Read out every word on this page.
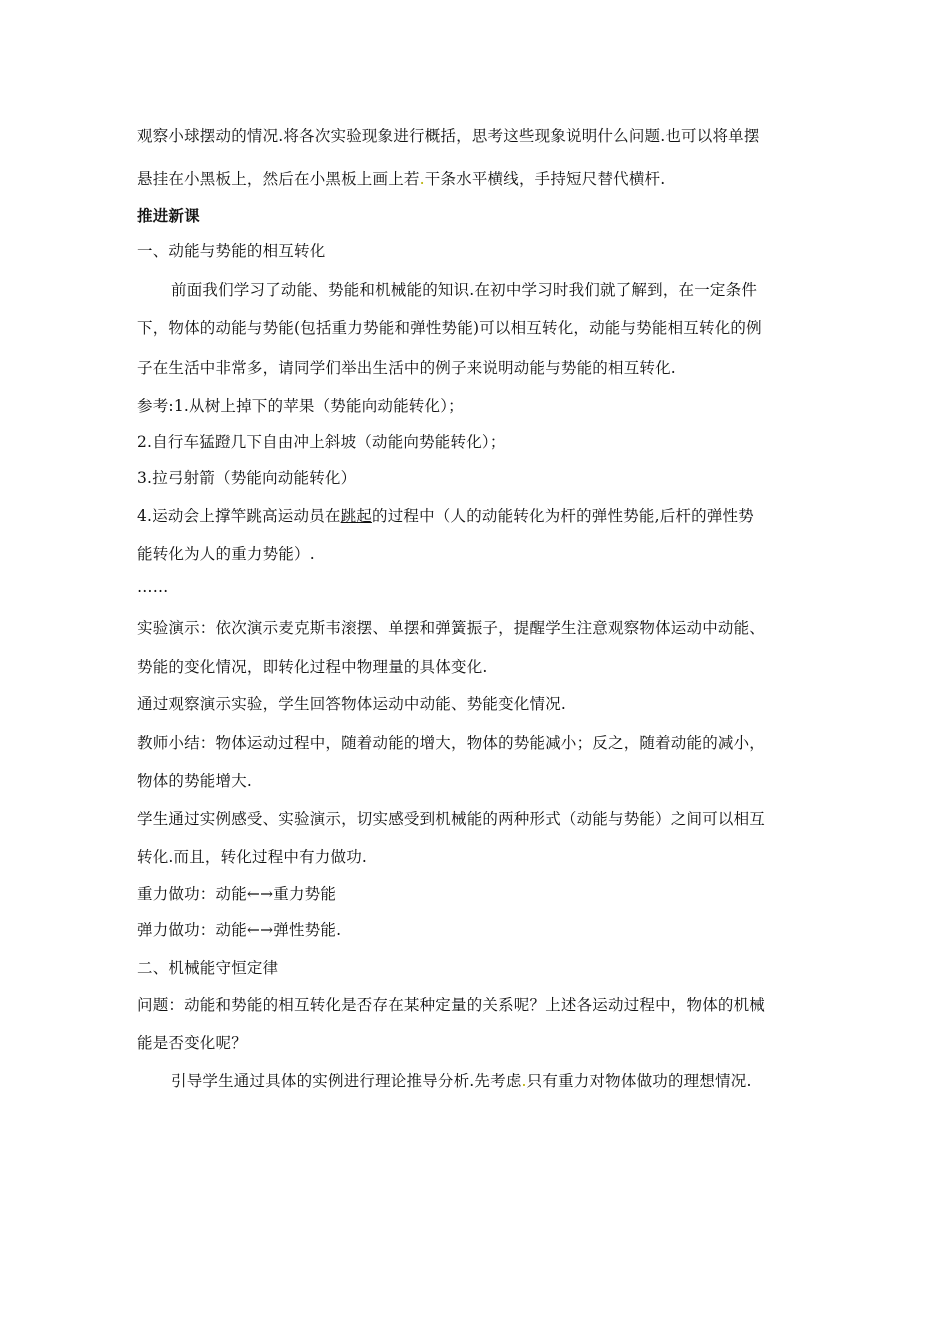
观察小球摆动的情况.将各次实验现象进行概括，思考这些现象说明什么问题.也可以将单摆
悬挂在小黑板上，然后在小黑板上画上若.干条水平横线，手持短尺替代横杆.
推进新课
一、动能与势能的相互转化
前面我们学习了动能、势能和机械能的知识.在初中学习时我们就了解到，在一定条件
下，物体的动能与势能(包括重力势能和弹性势能)可以相互转化，动能与势能相互转化的例
子在生活中非常多，请同学们举出生活中的例子来说明动能与势能的相互转化.
参考:1.从树上掉下的苹果（势能向动能转化）；
2.自行车猛蹬几下自由冲上斜坡（动能向势能转化）；
3.拉弓射箭（势能向动能转化）
4.运动会上撑竿跳高运动员在跳起的过程中（人的动能转化为杆的弹性势能,后杆的弹性势
能转化为人的重力势能）.
……
实验演示：依次演示麦克斯韦滚摆、单摆和弹簧振子，提醒学生注意观察物体运动中动能、
势能的变化情况，即转化过程中物理量的具体变化.
通过观察演示实验，学生回答物体运动中动能、势能变化情况.
教师小结：物体运动过程中，随着动能的增大，物体的势能减小；反之，随着动能的减小，
物体的势能增大.
学生通过实例感受、实验演示，切实感受到机械能的两种形式（动能与势能）之间可以相互
转化.而且，转化过程中有力做功.
重力做功：动能←→重力势能
弹力做功：动能←→弹性势能.
二、机械能守恒定律
问题：动能和势能的相互转化是否存在某种定量的关系呢？上述各运动过程中，物体的机械
能是否变化呢？
引导学生通过具体的实例进行理论推导分析.先考虑.只有重力对物体做功的理想情况.
